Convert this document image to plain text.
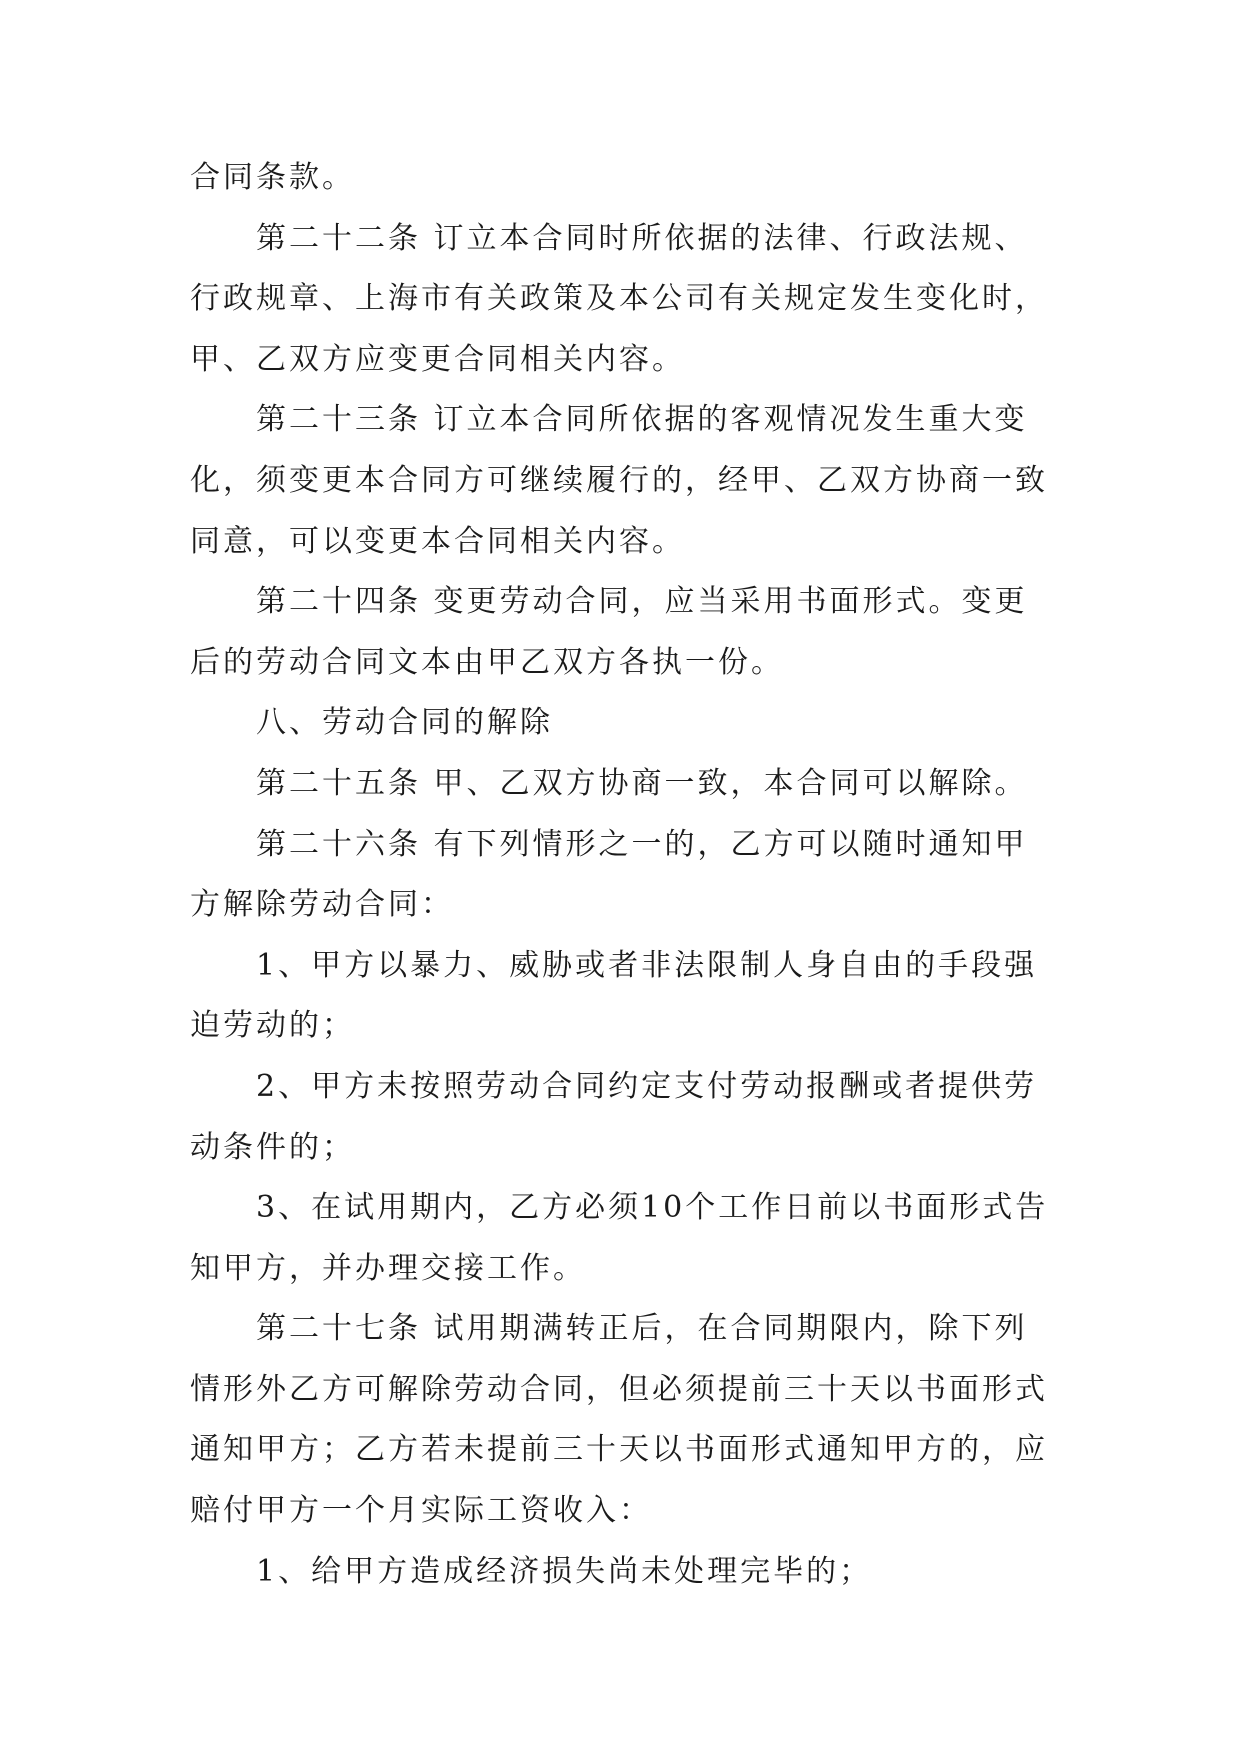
合同条款。
第二十二条 订立本合同时所依据的法律、行政法规、
行政规章、上海市有关政策及本公司有关规定发生变化时，
甲、乙双方应变更合同相关内容。
第二十三条 订立本合同所依据的客观情况发生重大变
化，须变更本合同方可继续履行的，经甲、乙双方协商一致
同意，可以变更本合同相关内容。
第二十四条 变更劳动合同，应当采用书面形式。变更
后的劳动合同文本由甲乙双方各执一份。
八、劳动合同的解除
第二十五条 甲、乙双方协商一致，本合同可以解除。
第二十六条 有下列情形之一的，乙方可以随时通知甲
方解除劳动合同：
1、甲方以暴力、威胁或者非法限制人身自由的手段强
迫劳动的；
2、甲方未按照劳动合同约定支付劳动报酬或者提供劳
动条件的；
3、在试用期内，乙方必须10个工作日前以书面形式告
知甲方，并办理交接工作。
第二十七条 试用期满转正后，在合同期限内，除下列
情形外乙方可解除劳动合同，但必须提前三十天以书面形式
通知甲方；乙方若未提前三十天以书面形式通知甲方的，应
赔付甲方一个月实际工资收入：
1、给甲方造成经济损失尚未处理完毕的；
